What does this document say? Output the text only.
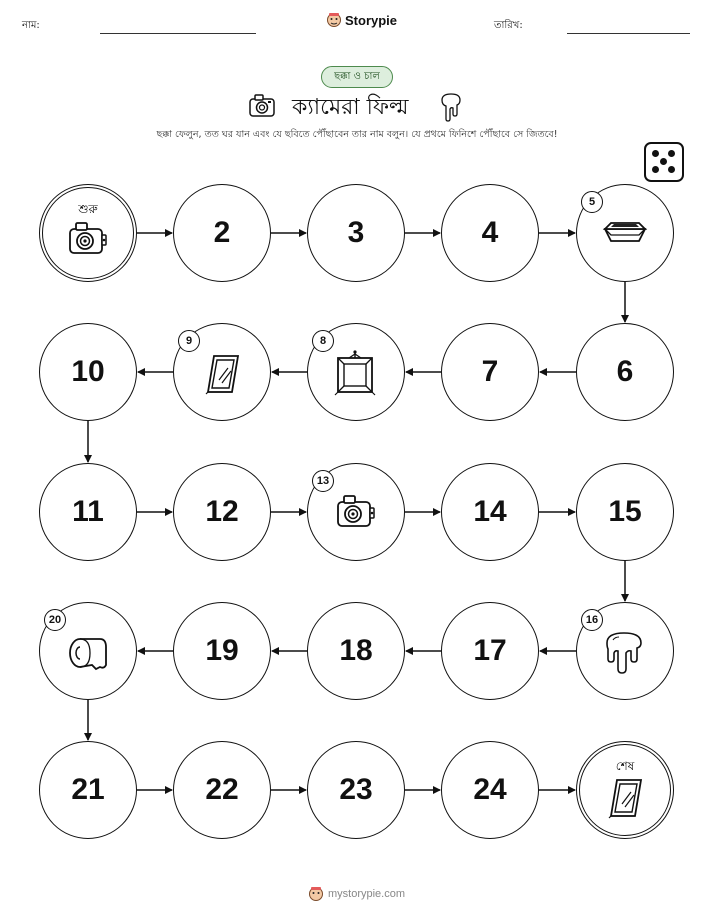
নাম:	Storypie	তারিখ:
ছক্কা ও চাল
ক্যামেরা ফিল্ম
ছক্কা ফেলুন, তত ঘর যান এবং যে ছবিতে পৌঁছাবেন তার নাম বলুন। যে প্রথমে ফিনিশে পৌঁছাবে সে জিতবে!
শুরু
2	3	4
5
6
7
8
9
10
11	12
13
14	15
16
17
18
19
20
21	22	23	24
শেষ
mystorypie.com
